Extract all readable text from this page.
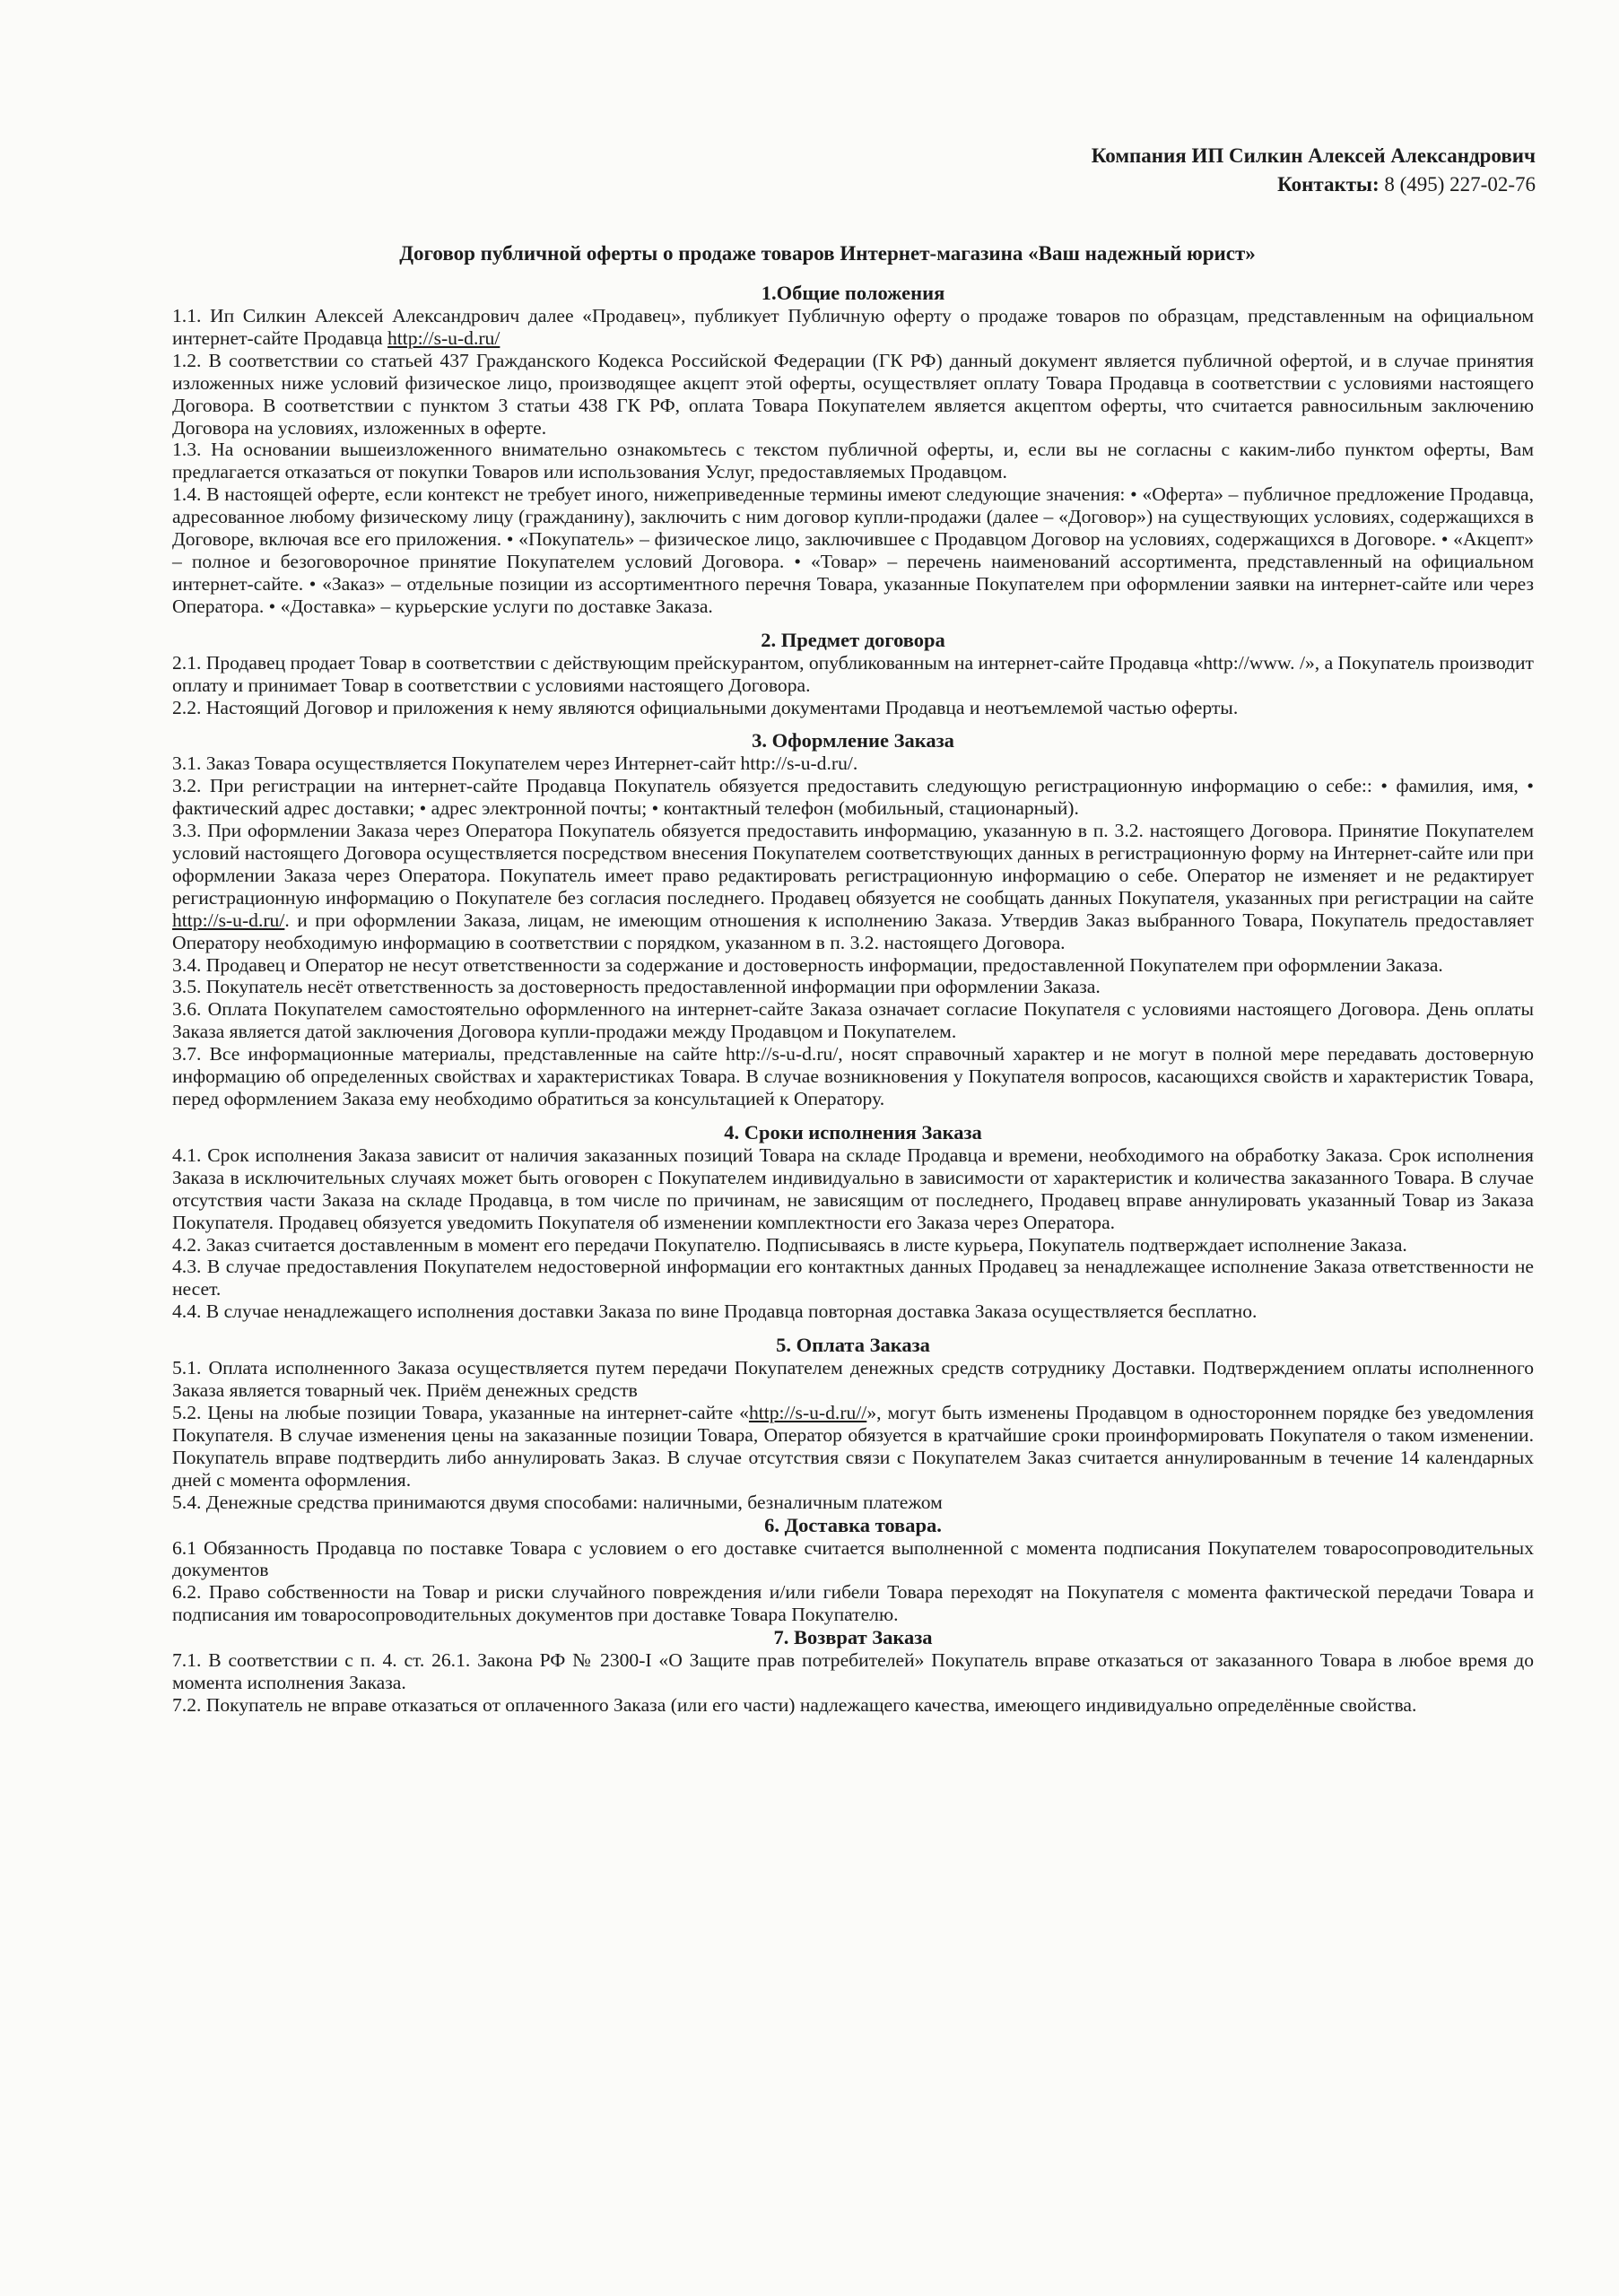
Компания ИП Силкин Алексей Александрович
Контакты: 8 (495) 227-02-76
Договор публичной оферты о продаже товаров Интернет-магазина «Ваш надежный юрист»
1.Общие положения

1.1. Ип Силкин Алексей Александрович далее «Продавец», публикует Публичную оферту о продаже товаров по образцам, представленным на официальном интернет-сайте Продавца http://s-u-d.ru/

1.2. В соответствии со статьей 437 Гражданского Кодекса Российской Федерации (ГК РФ) данный документ является публичной офертой, и в случае принятия изложенных ниже условий физическое лицо, производящее акцепт этой оферты, осуществляет оплату Товара Продавца в соответствии с условиями настоящего Договора. В соответствии с пунктом 3 статьи 438 ГК РФ, оплата Товара Покупателем является акцептом оферты, что считается равносильным заключению Договора на условиях, изложенных в оферте.

1.3. На основании вышеизложенного внимательно ознакомьтесь с текстом публичной оферты, и, если вы не согласны с каким-либо пунктом оферты, Вам предлагается отказаться от покупки Товаров или использования Услуг, предоставляемых Продавцом.

1.4. В настоящей оферте, если контекст не требует иного, нижеприведенные термины имеют следующие значения: • «Оферта» – публичное предложение Продавца, адресованное любому физическому лицу (гражданину), заключить с ним договор купли-продажи (далее – «Договор») на существующих условиях, содержащихся в Договоре, включая все его приложения. • «Покупатель» – физическое лицо, заключившее с Продавцом Договор на условиях, содержащихся в Договоре. • «Акцепт» – полное и безоговорочное принятие Покупателем условий Договора. • «Товар» – перечень наименований ассортимента, представленный на официальном интернет-сайте. • «Заказ» – отдельные позиции из ассортиментного перечня Товара, указанные Покупателем при оформлении заявки на интернет-сайте или через Оператора. • «Доставка» – курьерские услуги по доставке Заказа.

2. Предмет договора

2.1. Продавец продает Товар в соответствии с действующим прейскурантом, опубликованным на интернет-сайте Продавца «http://www. /», а Покупатель производит оплату и принимает Товар в соответствии с условиями настоящего Договора.

2.2. Настоящий Договор и приложения к нему являются официальными документами Продавца и неотъемлемой частью оферты.

3. Оформление Заказа

3.1. Заказ Товара осуществляется Покупателем через Интернет-сайт http://s-u-d.ru/.

3.2. При регистрации на интернет-сайте Продавца Покупатель обязуется предоставить следующую регистрационную информацию о себе:: • фамилия, имя, • фактический адрес доставки; • адрес электронной почты; • контактный телефон (мобильный, стационарный).

3.3. При оформлении Заказа через Оператора Покупатель обязуется предоставить информацию, указанную в п. 3.2. настоящего Договора. Принятие Покупателем условий настоящего Договора осуществляется посредством внесения Покупателем соответствующих данных в регистрационную форму на Интернет-сайте или при оформлении Заказа через Оператора. Покупатель имеет право редактировать регистрационную информацию о себе. Оператор не изменяет и не редактирует регистрационную информацию о Покупателе без согласия последнего. Продавец обязуется не сообщать данных Покупателя, указанных при регистрации на сайте http://s-u-d.ru/. и при оформлении Заказа, лицам, не имеющим отношения к исполнению Заказа. Утвердив Заказ выбранного Товара, Покупатель предоставляет Оператору необходимую информацию в соответствии с порядком, указанном в п. 3.2. настоящего Договора.

3.4. Продавец и Оператор не несут ответственности за содержание и достоверность информации, предоставленной Покупателем при оформлении Заказа.

3.5. Покупатель несёт ответственность за достоверность предоставленной информации при оформлении Заказа.

3.6. Оплата Покупателем самостоятельно оформленного на интернет-сайте Заказа означает согласие Покупателя с условиями настоящего Договора. День оплаты Заказа является датой заключения Договора купли-продажи между Продавцом и Покупателем.

3.7. Все информационные материалы, представленные на сайте http://s-u-d.ru/, носят справочный характер и не могут в полной мере передавать достоверную информацию об определенных свойствах и характеристиках Товара. В случае возникновения у Покупателя вопросов, касающихся свойств и характеристик Товара, перед оформлением Заказа ему необходимо обратиться за консультацией к Оператору.

4. Сроки исполнения Заказа

4.1. Срок исполнения Заказа зависит от наличия заказанных позиций Товара на складе Продавца и времени, необходимого на обработку Заказа. Срок исполнения Заказа в исключительных случаях может быть оговорен с Покупателем индивидуально в зависимости от характеристик и количества заказанного Товара. В случае отсутствия части Заказа на складе Продавца, в том числе по причинам, не зависящим от последнего, Продавец вправе аннулировать указанный Товар из Заказа Покупателя. Продавец обязуется уведомить Покупателя об изменении комплектности его Заказа через Оператора.

4.2. Заказ считается доставленным в момент его передачи Покупателю. Подписываясь в листе курьера, Покупатель подтверждает исполнение Заказа.

4.3. В случае предоставления Покупателем недостоверной информации его контактных данных Продавец за ненадлежащее исполнение Заказа ответственности не несет.

4.4. В случае ненадлежащего исполнения доставки Заказа по вине Продавца повторная доставка Заказа осуществляется бесплатно.

5. Оплата Заказа

5.1. Оплата исполненного Заказа осуществляется путем передачи Покупателем денежных средств сотруднику Доставки. Подтверждением оплаты исполненного Заказа является товарный чек. Приём денежных средств

5.2. Цены на любые позиции Товара, указанные на интернет-сайте «http://s-u-d.ru//», могут быть изменены Продавцом в одностороннем порядке без уведомления Покупателя. В случае изменения цены на заказанные позиции Товара, Оператор обязуется в кратчайшие сроки проинформировать Покупателя о таком изменении. Покупатель вправе подтвердить либо аннулировать Заказ. В случае отсутствия связи с Покупателем Заказ считается аннулированным в течение 14 календарных дней с момента оформления.

5.4. Денежные средства принимаются двумя способами: наличными, безналичным платежом

6. Доставка товара.

6.1 Обязанность Продавца по поставке Товара с условием о его доставке считается выполненной с момента подписания Покупателем товаросопроводительных документов

6.2. Право собственности на Товар и риски случайного повреждения и/или гибели Товара переходят на Покупателя с момента фактической передачи Товара и подписания им товаросопроводительных документов при доставке Товара Покупателю.

7. Возврат Заказа

7.1. В соответствии с п. 4. ст. 26.1. Закона РФ № 2300-I «О Защите прав потребителей» Покупатель вправе отказаться от заказанного Товара в любое время до момента исполнения Заказа.

7.2. Покупатель не вправе отказаться от оплаченного Заказа (или его части) надлежащего качества, имеющего индивидуально определённые свойства.
